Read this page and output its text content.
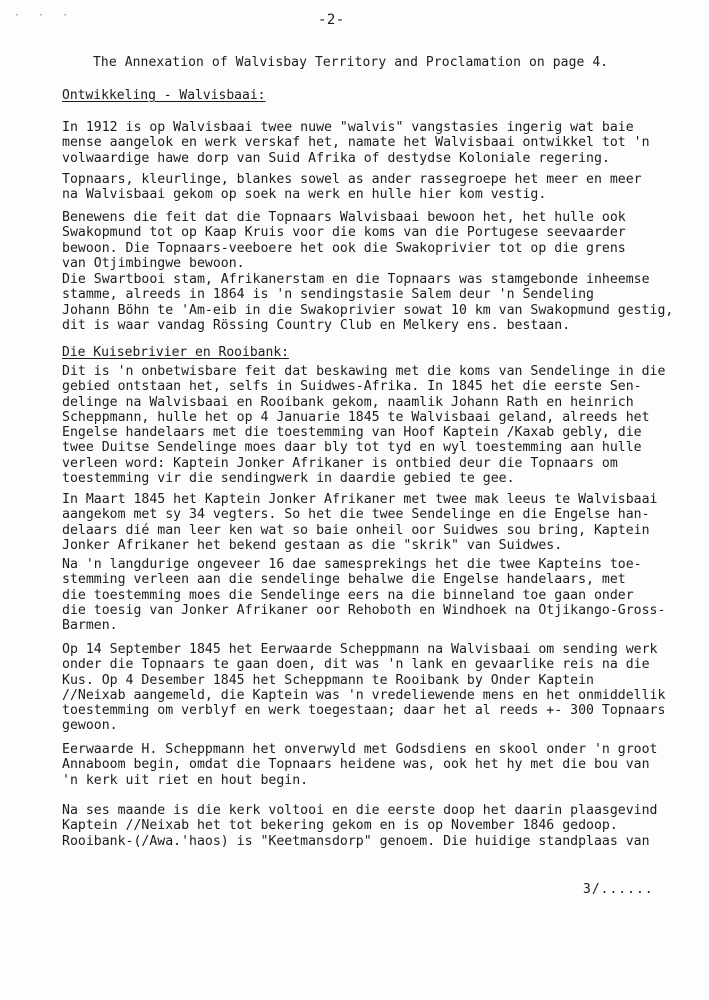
· · ·	-2-
The Annexation of Walvisbay Territory and Proclamation on page 4.
Ontwikkeling - Walvisbaai:
In 1912 is op Walvisbaai twee nuwe "walvis" vangstasies ingerig wat baie
mense aangelok en werk verskaf het, namate het Walvisbaai ontwikkel tot 'n
volwaardige hawe dorp van Suid Afrika of destydse Koloniale regering.
Topnaars, kleurlinge, blankes sowel as ander rassegroepe het meer en meer
na Walvisbaai gekom op soek na werk en hulle hier kom vestig.
Benewens die feit dat die Topnaars Walvisbaai bewoon het, het hulle ook
Swakopmund tot op Kaap Kruis voor die koms van die Portugese seevaarder
bewoon. Die Topnaars-veeboere het ook die Swakoprivier tot op die grens
van Otjimbingwe bewoon.
Die Swartbooi stam, Afrikanerstam en die Topnaars was stamgebonde inheemse
stamme, alreeds in 1864 is 'n sendingstasie Salem deur 'n Sendeling
Johann Böhn te 'Am-eib in die Swakoprivier sowat 10 km van Swakopmund gestig,
dit is waar vandag Rössing Country Club en Melkery ens. bestaan.
Die Kuisebrivier en Rooibank:
Dit is 'n onbetwisbare feit dat beskawing met die koms van Sendelinge in die
gebied ontstaan het, selfs in Suidwes-Afrika. In 1845 het die eerste Sen-
delinge na Walvisbaai en Rooibank gekom, naamlik Johann Rath en heinrich
Scheppmann, hulle het op 4 Januarie 1845 te Walvisbaai geland, alreeds het
Engelse handelaars met die toestemming van Hoof Kaptein /Kaxab gebly, die
twee Duitse Sendelinge moes daar bly tot tyd en wyl toestemming aan hulle
verleen word: Kaptein Jonker Afrikaner is ontbied deur die Topnaars om
toestemming vir die sendingwerk in daardie gebied te gee.
In Maart 1845 het Kaptein Jonker Afrikaner met twee mak leeus te Walvisbaai
aangekom met sy 34 vegters. So het die twee Sendelinge en die Engelse han-
delaars dié man leer ken wat so baie onheil oor Suidwes sou bring, Kaptein
Jonker Afrikaner het bekend gestaan as die "skrik" van Suidwes.
Na 'n langdurige ongeveer 16 dae samesprekings het die twee Kapteins toe-
stemming verleen aan die sendelinge behalwe die Engelse handelaars, met
die toestemming moes die Sendelinge eers na die binneland toe gaan onder
die toesig van Jonker Afrikaner oor Rehoboth en Windhoek na Otjikango-Gross-
Barmen.
Op 14 September 1845 het Eerwaarde Scheppmann na Walvisbaai om sending werk
onder die Topnaars te gaan doen, dit was 'n lank en gevaarlike reis na die
Kus. Op 4 Desember 1845 het Scheppmann te Rooibank by Onder Kaptein
//Neixab aangemeld, die Kaptein was 'n vredeliewende mens en het onmiddellik
toestemming om verblyf en werk toegestaan; daar het al reeds +- 300 Topnaars
gewoon.
Eerwaarde H. Scheppmann het onverwyld met Godsdiens en skool onder 'n groot
Annaboom begin, omdat die Topnaars heidene was, ook het hy met die bou van
'n kerk uit riet en hout begin.
Na ses maande is die kerk voltooi en die eerste doop het daarin plaasgevind
Kaptein //Neixab het tot bekering gekom en is op November 1846 gedoop.
Rooibank-(/Awa.'haos) is "Keetmansdorp" genoem. Die huidige standplaas van
3/......
